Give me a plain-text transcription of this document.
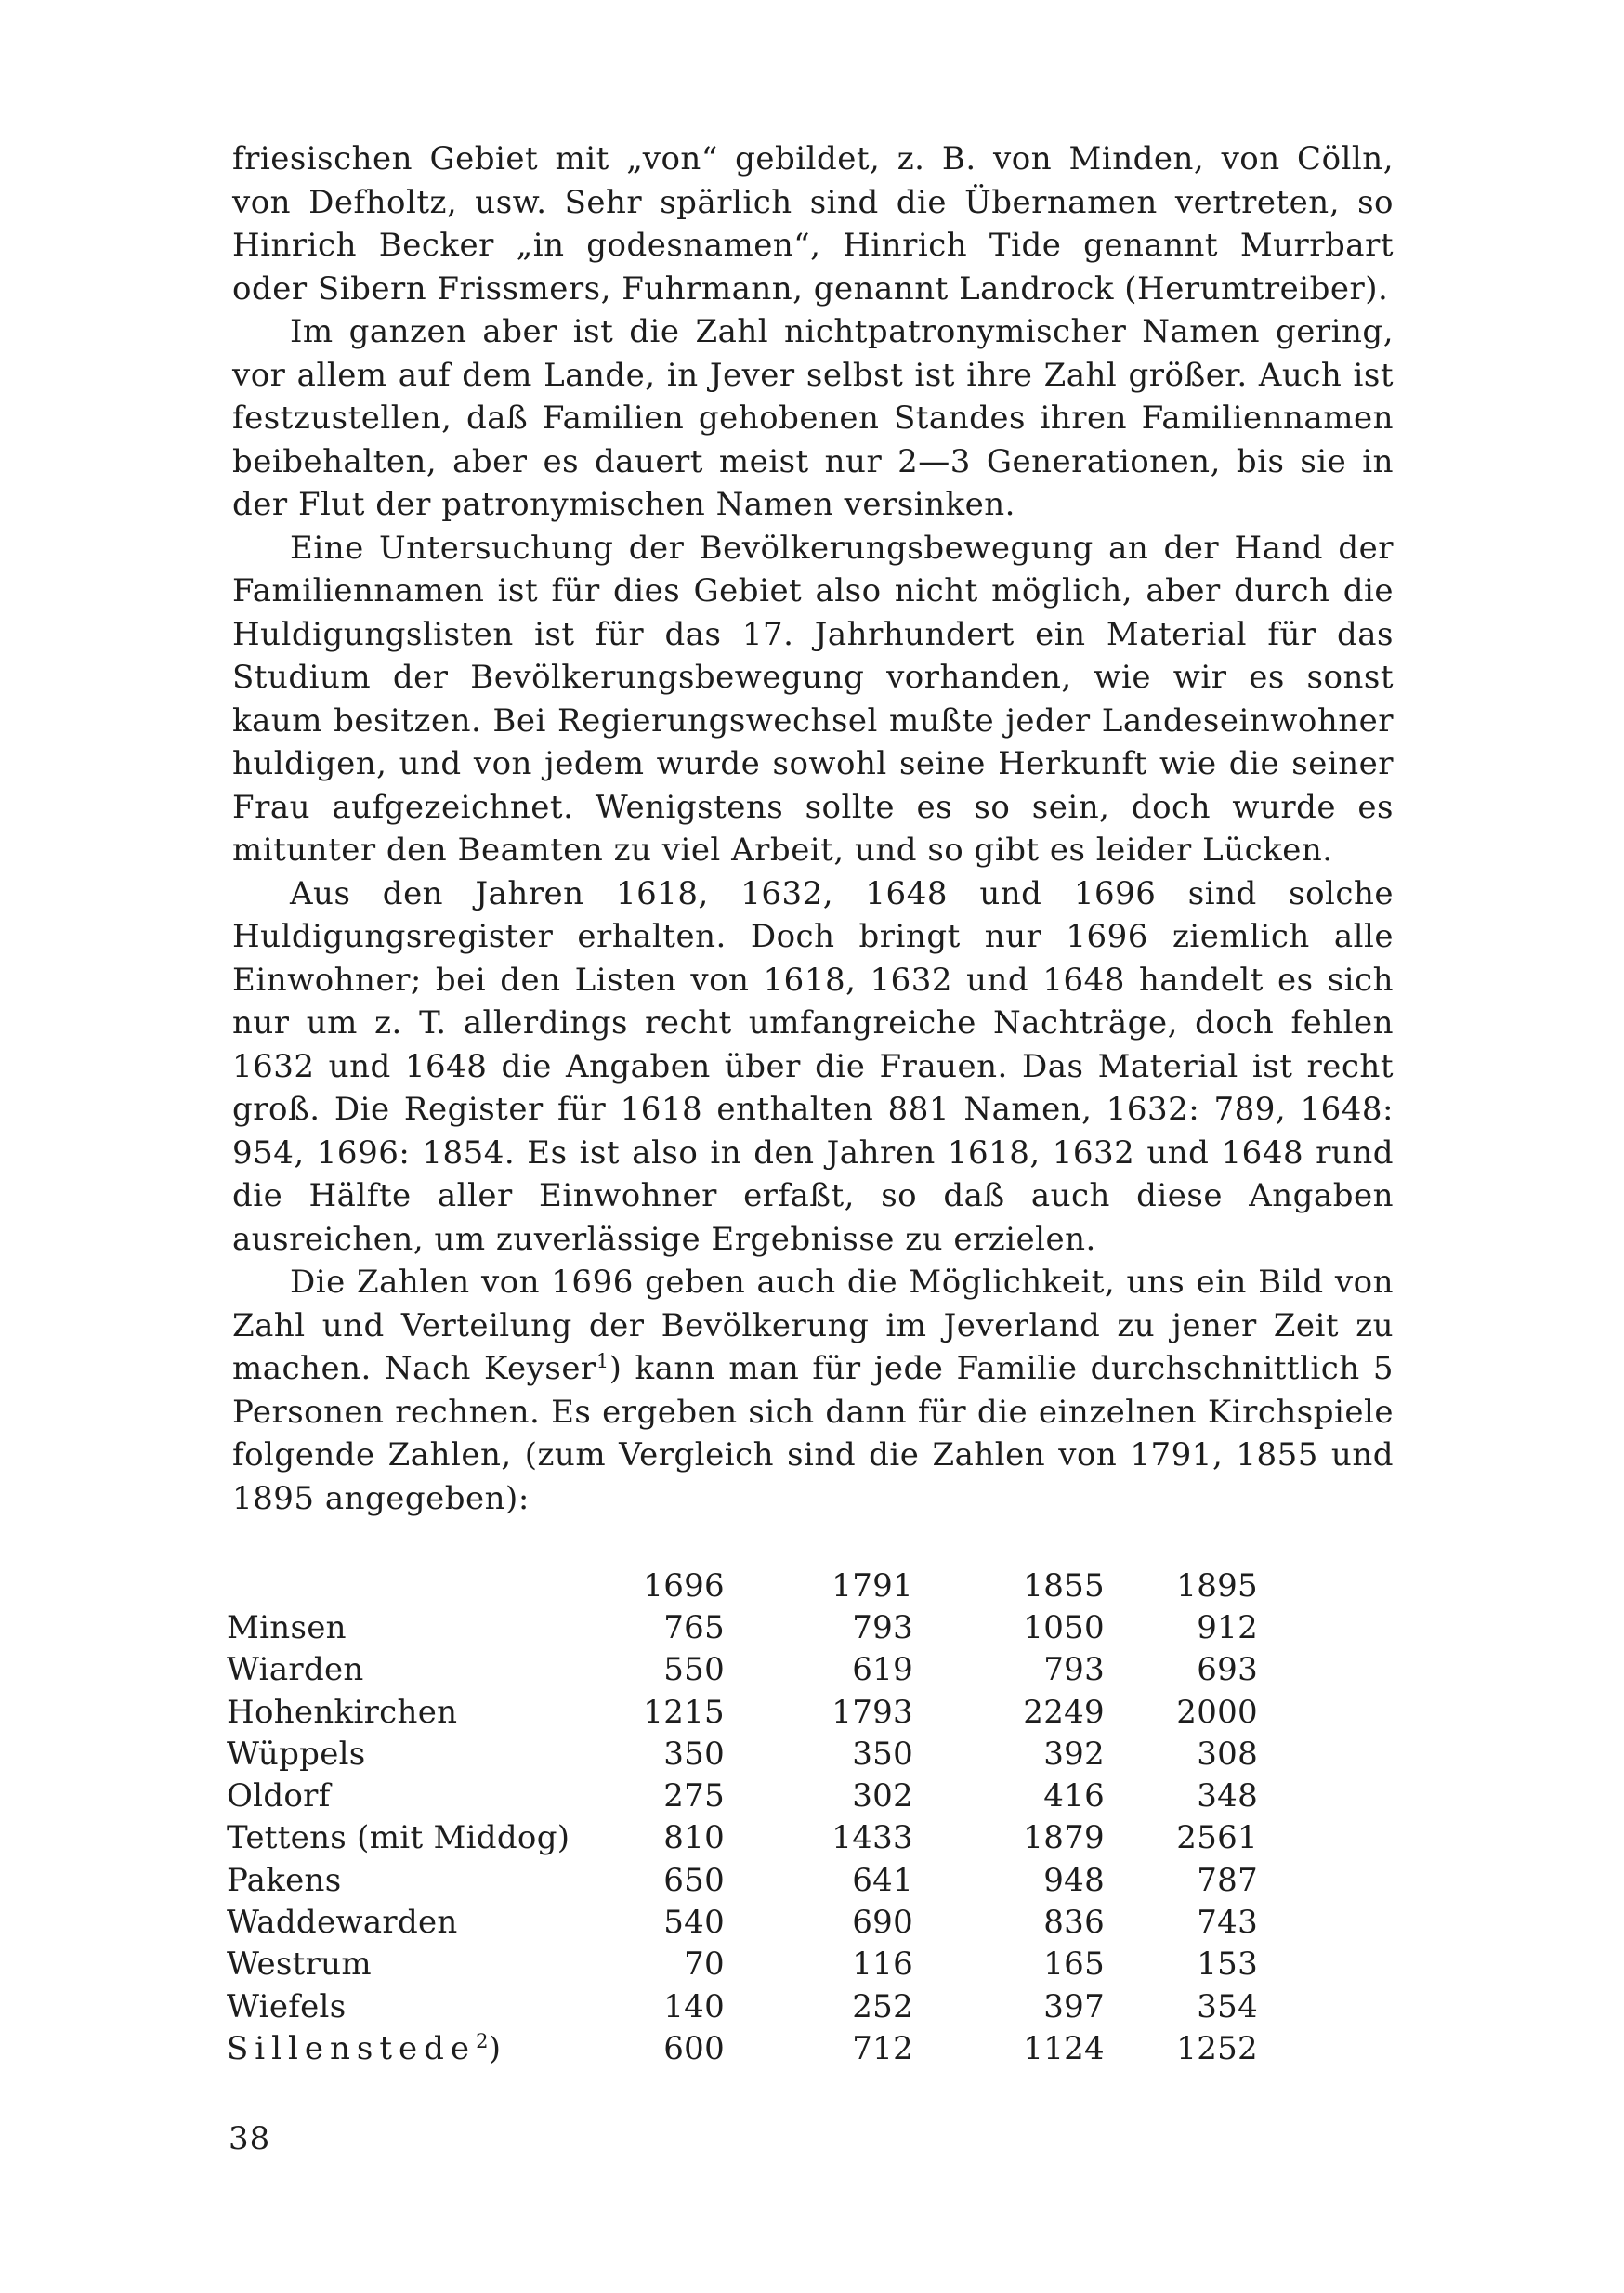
friesischen Gebiet mit „von“ gebildet, z. B. von Minden, von Cölln, von Defholtz, usw. Sehr spärlich sind die Übernamen vertreten, so Hinrich Becker „in godesnamen“, Hinrich Tide genannt Murrbart oder Sibern Frissmers, Fuhrmann, genannt Landrock (Herumtreiber).

Im ganzen aber ist die Zahl nichtpatronymischer Namen gering, vor allem auf dem Lande, in Jever selbst ist ihre Zahl größer. Auch ist festzustellen, daß Familien gehobenen Standes ihren Familiennamen beibehalten, aber es dauert meist nur 2—3 Generationen, bis sie in der Flut der patronymischen Namen versinken.

Eine Untersuchung der Bevölkerungsbewegung an der Hand der Familiennamen ist für dies Gebiet also nicht möglich, aber durch die Huldigungslisten ist für das 17. Jahrhundert ein Material für das Studium der Bevölkerungsbewegung vorhanden, wie wir es sonst kaum besitzen. Bei Regierungswechsel mußte jeder Landeseinwohner huldigen, und von jedem wurde sowohl seine Herkunft wie die seiner Frau aufgezeichnet. Wenigstens sollte es so sein, doch wurde es mitunter den Beamten zu viel Arbeit, und so gibt es leider Lücken.

Aus den Jahren 1618, 1632, 1648 und 1696 sind solche Huldigungsregister erhalten. Doch bringt nur 1696 ziemlich alle Einwohner; bei den Listen von 1618, 1632 und 1648 handelt es sich nur um z. T. allerdings recht umfangreiche Nachträge, doch fehlen 1632 und 1648 die Angaben über die Frauen. Das Material ist recht groß. Die Register für 1618 enthalten 881 Namen, 1632: 789, 1648: 954, 1696: 1854. Es ist also in den Jahren 1618, 1632 und 1648 rund die Hälfte aller Einwohner erfaßt, so daß auch diese Angaben ausreichen, um zuverlässige Ergebnisse zu erzielen.

Die Zahlen von 1696 geben auch die Möglichkeit, uns ein Bild von Zahl und Verteilung der Bevölkerung im Jeverland zu jener Zeit zu machen. Nach Keyser$^1$) kann man für jede Familie durchschnittlich 5 Personen rechnen. Es ergeben sich dann für die einzelnen Kirchspiele folgende Zahlen, (zum Vergleich sind die Zahlen von 1791, 1855 und 1895 angegeben):

	1696	1791	1855	1895
Minsen	765	793	1050	912
Wiarden	550	619	793	693
Hohenkirchen	1215	1793	2249	2000
Wüppels	350	350	392	308
Oldorf	275	302	416	348
Tettens (mit Middog)	810	1433	1879	2561
Pakens	650	641	948	787
Waddewarden	540	690	836	743
Westrum	70	116	165	153
Wiefels	140	252	397	354
Sillenstede$^2$)	600	712	1124	1252
38
